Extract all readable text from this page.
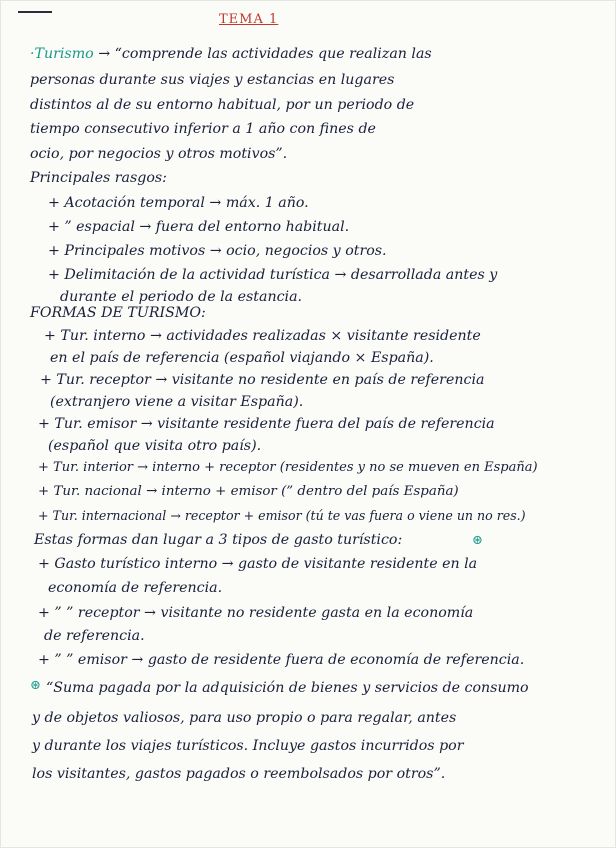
TEMA 1
·Turismo → “comprende las actividades que realizan las
personas durante sus viajes y estancias en lugares
distintos al de su entorno habitual, por un periodo de
tiempo consecutivo inferior a 1 año con fines de
ocio, por negocios y otros motivos”.
Principales rasgos:
+ Acotación temporal → máx. 1 año.
+ ” espacial → fuera del entorno habitual.
+ Principales motivos → ocio, negocios y otros.
+ Delimitación de la actividad turística → desarrollada antes y
durante el periodo de la estancia.
FORMAS DE TURISMO:
+ Tur. interno → actividades realizadas × visitante residente
en el país de referencia (español viajando × España).
+ Tur. receptor → visitante no residente en país de referencia
(extranjero viene a visitar España).
+ Tur. emisor → visitante residente fuera del país de referencia
(español que visita otro país).
+ Tur. interior → interno + receptor (residentes y no se mueven en España)
+ Tur. nacional → interno + emisor (” dentro del país España)
+ Tur. internacional → receptor + emisor (tú te vas fuera o viene un no res.)
Estas formas dan lugar a 3 tipos de gasto turístico:	⊛
+ Gasto turístico interno → gasto de visitante residente en la
economía de referencia.
+ ” ” receptor → visitante no residente gasta en la economía
de referencia.
+ ” ” emisor → gasto de residente fuera de economía de referencia.
⊛ “Suma pagada por la adquisición de bienes y servicios de consumo
y de objetos valiosos, para uso propio o para regalar, antes
y durante los viajes turísticos. Incluye gastos incurridos por
los visitantes, gastos pagados o reembolsados por otros”.
